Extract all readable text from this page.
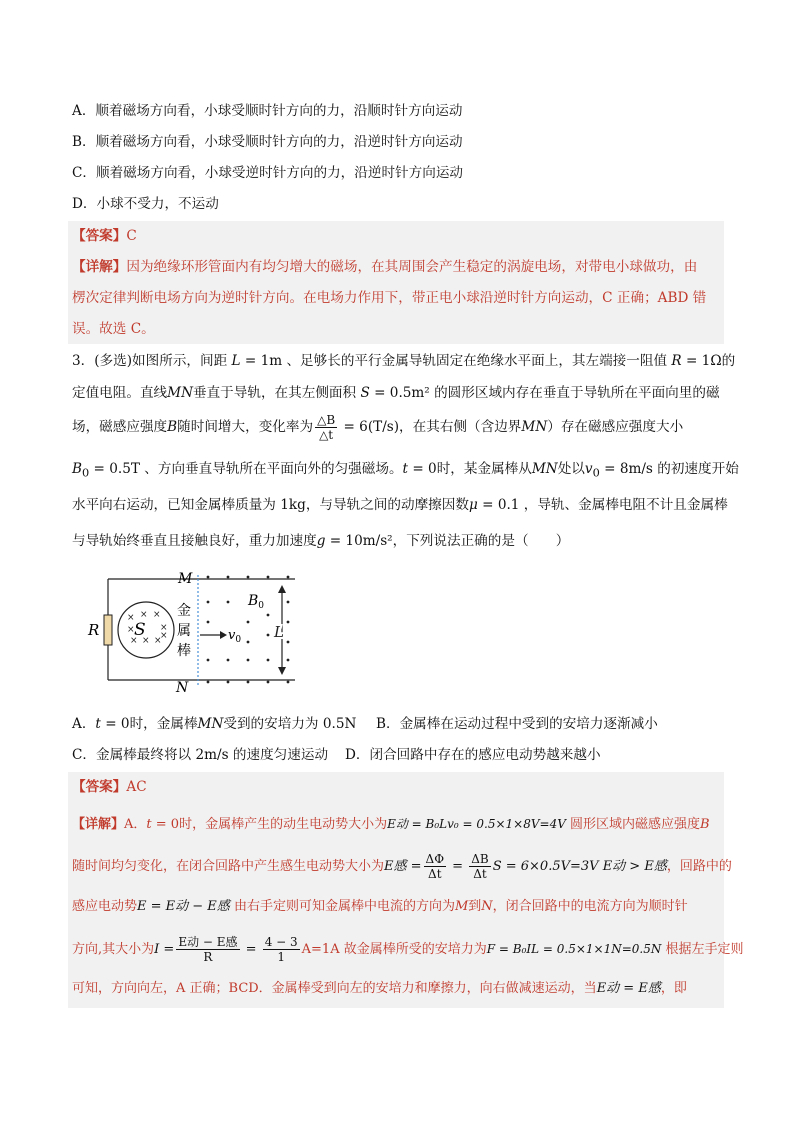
A．顺着磁场方向看，小球受顺时针方向的力，沿顺时针方向运动
B．顺着磁场方向看，小球受顺时针方向的力，沿逆时针方向运动
C．顺着磁场方向看，小球受逆时针方向的力，沿逆时针方向运动
D．小球不受力，不运动
【答案】C
【详解】因为绝缘环形管面内有均匀增大的磁场，在其周围会产生稳定的涡旋电场，对带电小球做功，由
楞次定律判断电场方向为逆时针方向。在电场力作用下，带正电小球沿逆时针方向运动，C 正确；ABD 错
误。故选 C。
3．(多选)如图所示，间距 L = 1m 、足够长的平行金属导轨固定在绝缘水平面上，其左端接一阻值 R = 1Ω的
定值电阻。直线MN垂直于导轨，在其左侧面积 S = 0.5m² 的圆形区域内存在垂直于导轨所在平面向里的磁
场，磁感应强度B随时间增大，变化率为 $\frac{\triangle B}{\triangle t} = 6(T/s)$，在其右侧（含边界MN）存在磁感应强度大小
$B_0 = 0.5T$ 、方向垂直导轨所在平面向外的匀强磁场。t = 0时，某金属棒从MN处以$v_0 = 8m/s$ 的初速度开始
水平向右运动，已知金属棒质量为 1kg，与导轨之间的动摩擦因数μ = 0.1 ，导轨、金属棒电阻不计且金属棒
与导轨始终垂直且接触良好，重力加速度g = 10m/s²，下列说法正确的是（　　）
R
× × ×
×
× × ×
×
×
S
M
N
金
属
棒
$v_0$
$B_0$
L
A．t = 0时，金属棒MN受到的安培力为 0.5N B．金属棒在运动过程中受到的安培力逐渐减小
C．金属棒最终将以 2m/s 的速度匀速运动 D．闭合回路中存在的感应电动势越来越小
【答案】AC
【详解】A．t = 0时，金属棒产生的动生电动势大小为E动 = B₀Lv₀ = 0.5×1×8V=4V 圆形区域内磁感应强度B
随时间均匀变化，在闭合回路中产生感生电动势大小为E感 = $\frac{\Delta\Phi}{\Delta t} = \frac{\Delta B}{\Delta t}$ S = 6×0.5V=3V E动 > E感，回路中的
感应电动势E = E动 − E感 由右手定则可知金属棒中电流的方向为M到N，闭合回路中的电流方向为顺时针
方向,其大小为$I = \frac{\text{E动 − E感}}{R} = \frac{4 - 3}{1} A=1A$ 故金属棒所受的安培力为F = B₀IL = 0.5×1×1N=0.5N 根据左手定则
可知，方向向左，A 正确；BCD．金属棒受到向左的安培力和摩擦力，向右做减速运动，当E动 = E感，即
